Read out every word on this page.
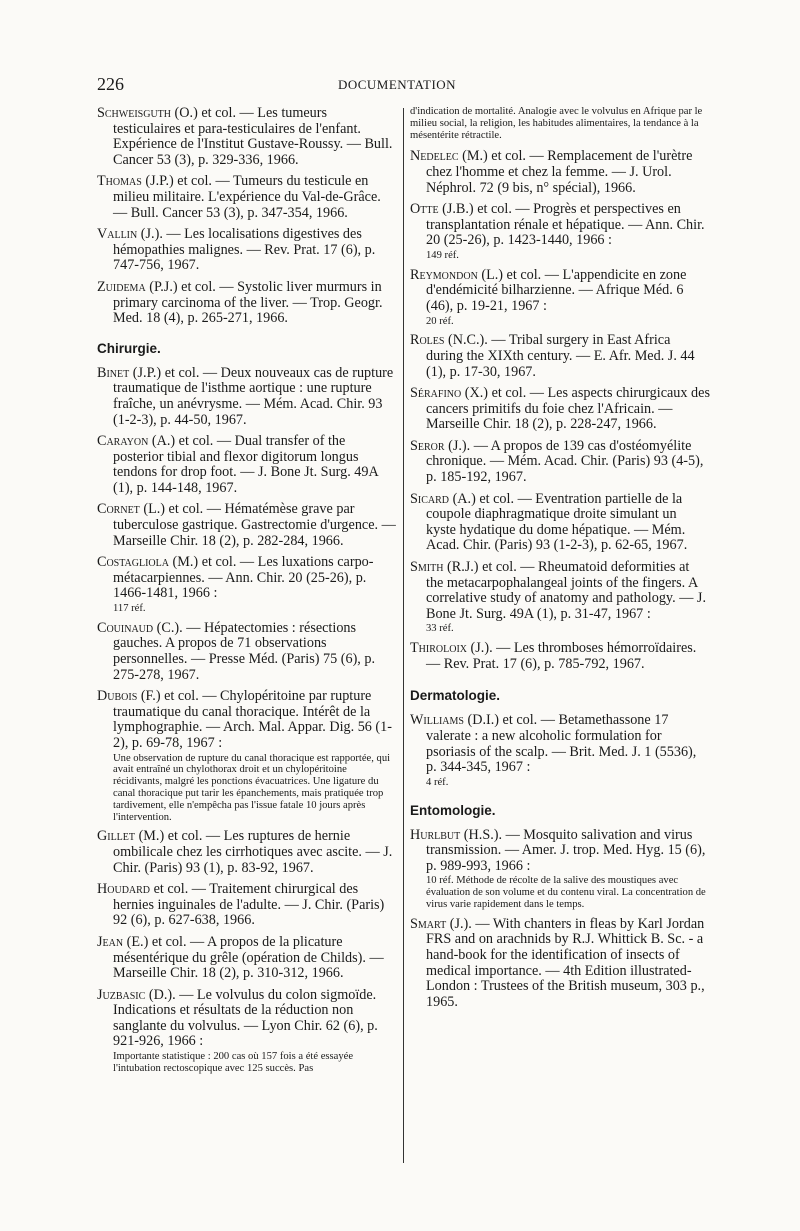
226	DOCUMENTATION

Schweisguth (O.) et col. — Les tumeurs testiculaires et para-testiculaires de l'enfant. Expérience de l'Institut Gustave-Roussy. — Bull. Cancer 53 (3), p. 329-336, 1966.

Thomas (J.P.) et col. — Tumeurs du testicule en milieu militaire. L'expérience du Val-de-Grâce. — Bull. Cancer 53 (3), p. 347-354, 1966.

Vallin (J.). — Les localisations digestives des hémopathies malignes. — Rev. Prat. 17 (6), p. 747-756, 1967.

Zuidema (P.J.) et col. — Systolic liver murmurs in primary carcinoma of the liver. — Trop. Geogr. Med. 18 (4), p. 265-271, 1966.

Chirurgie.

Binet (J.P.) et col. — Deux nouveaux cas de rupture traumatique de l'isthme aortique : une rupture fraîche, un anévrysme. — Mém. Acad. Chir. 93 (1-2-3), p. 44-50, 1967.

Carayon (A.) et col. — Dual transfer of the posterior tibial and flexor digitorum longus tendons for drop foot. — J. Bone Jt. Surg. 49A (1), p. 144-148, 1967.

Cornet (L.) et col. — Hématémèse grave par tuberculose gastrique. Gastrectomie d'urgence. — Marseille Chir. 18 (2), p. 282-284, 1966.

Costagliola (M.) et col. — Les luxations carpo-métacarpiennes. — Ann. Chir. 20 (25-26), p. 1466-1481, 1966 :

117 réf.

Couinaud (C.). — Hépatectomies : résections gauches. A propos de 71 observations personnelles. — Presse Méd. (Paris) 75 (6), p. 275-278, 1967.

Dubois (F.) et col. — Chylopéritoine par rupture traumatique du canal thoracique. Intérêt de la lymphographie. — Arch. Mal. Appar. Dig. 56 (1-2), p. 69-78, 1967 :

Une observation de rupture du canal thoracique est rapportée, qui avait entraîné un chylothorax droit et un chylopéritoine récidivants, malgré les ponctions évacuatrices. Une ligature du canal thoracique put tarir les épanchements, mais pratiquée trop tardivement, elle n'empêcha pas l'issue fatale 10 jours après l'intervention.

Gillet (M.) et col. — Les ruptures de hernie ombilicale chez les cirrhotiques avec ascite. — J. Chir. (Paris) 93 (1), p. 83-92, 1967.

Houdard et col. — Traitement chirurgical des hernies inguinales de l'adulte. — J. Chir. (Paris) 92 (6), p. 627-638, 1966.

Jean (E.) et col. — A propos de la plicature mésentérique du grêle (opération de Childs). — Marseille Chir. 18 (2), p. 310-312, 1966.

Juzbasic (D.). — Le volvulus du colon sigmoïde. Indications et résultats de la réduction non sanglante du volvulus. — Lyon Chir. 62 (6), p. 921-926, 1966 :

Importante statistique : 200 cas où 157 fois a été essayée l'intubation rectoscopique avec 125 succès. Pas
d'indication de mortalité. Analogie avec le volvulus en Afrique par le milieu social, la religion, les habitudes alimentaires, la tendance à la mésentérite rétractile.

Nedelec (M.) et col. — Remplacement de l'urètre chez l'homme et chez la femme. — J. Urol. Néphrol. 72 (9 bis, n° spécial), 1966.

Otte (J.B.) et col. — Progrès et perspectives en transplantation rénale et hépatique. — Ann. Chir. 20 (25-26), p. 1423-1440, 1966 :

149 réf.

Reymondon (L.) et col. — L'appendicite en zone d'endémicité bilharzienne. — Afrique Méd. 6 (46), p. 19-21, 1967 :

20 réf.

Roles (N.C.). — Tribal surgery in East Africa during the XIXth century. — E. Afr. Med. J. 44 (1), p. 17-30, 1967.

Sérafino (X.) et col. — Les aspects chirurgicaux des cancers primitifs du foie chez l'Africain. — Marseille Chir. 18 (2), p. 228-247, 1966.

Seror (J.). — A propos de 139 cas d'ostéomyélite chronique. — Mém. Acad. Chir. (Paris) 93 (4-5), p. 185-192, 1967.

Sicard (A.) et col. — Eventration partielle de la coupole diaphragmatique droite simulant un kyste hydatique du dome hépatique. — Mém. Acad. Chir. (Paris) 93 (1-2-3), p. 62-65, 1967.

Smith (R.J.) et col. — Rheumatoid deformities at the metacarpophalangeal joints of the fingers. A correlative study of anatomy and pathology. — J. Bone Jt. Surg. 49A (1), p. 31-47, 1967 :

33 réf.

Thiroloix (J.). — Les thromboses hémorroïdaires. — Rev. Prat. 17 (6), p. 785-792, 1967.

Dermatologie.

Williams (D.I.) et col. — Betamethassone 17 valerate : a new alcoholic formulation for psoriasis of the scalp. — Brit. Med. J. 1 (5536), p. 344-345, 1967 :

4 réf.
Entomologie.

Hurlbut (H.S.). — Mosquito salivation and virus transmission. — Amer. J. trop. Med. Hyg. 15 (6), p. 989-993, 1966 :

10 réf. Méthode de récolte de la salive des moustiques avec évaluation de son volume et du contenu viral. La concentration de virus varie rapidement dans le temps.

Smart (J.). — With chanters in fleas by Karl Jordan FRS and on arachnids by R.J. Whittick B. Sc. - a hand-book for the identification of insects of medical importance. — 4th Edition illustrated-London : Trustees of the British museum, 303 p., 1965.
